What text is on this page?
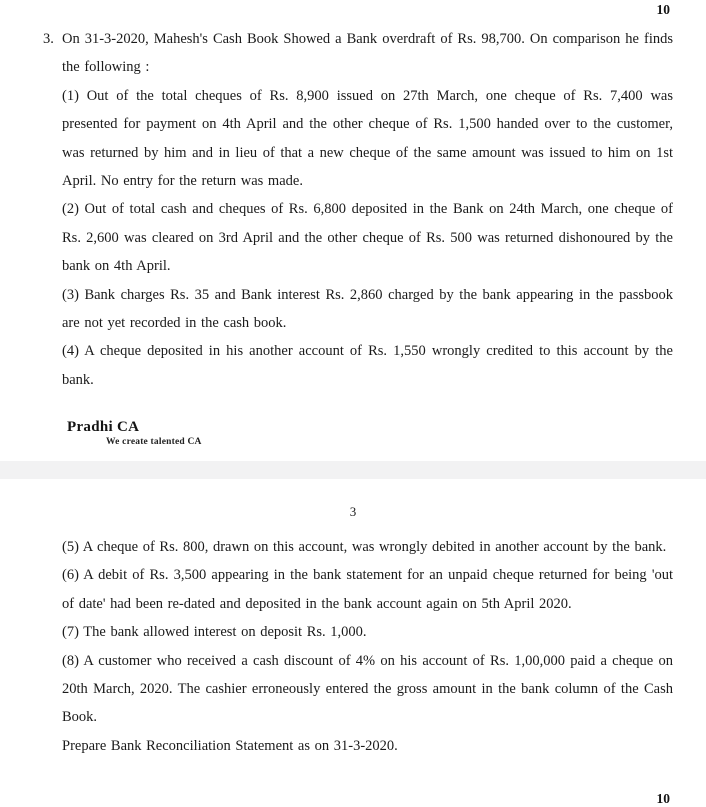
10
3. On 31-3-2020, Mahesh's Cash Book Showed a Bank overdraft of Rs. 98,700. On comparison he finds the following :

(1) Out of the total cheques of Rs. 8,900 issued on 27th March, one cheque of Rs. 7,400 was presented for payment on 4th April and the other cheque of Rs. 1,500 handed over to the customer, was returned by him and in lieu of that a new cheque of the same amount was issued to him on 1st April. No entry for the return was made.

(2) Out of total cash and cheques of Rs. 6,800 deposited in the Bank on 24th March, one cheque of Rs. 2,600 was cleared on 3rd April and the other cheque of Rs. 500 was returned dishonoured by the bank on 4th April.

(3) Bank charges Rs. 35 and Bank interest Rs. 2,860 charged by the bank appearing in the passbook are not yet recorded in the cash book.

(4) A cheque deposited in his another account of Rs. 1,550 wrongly credited to this account by the bank.

Pradhi CA
We create talented CA
3

(5) A cheque of Rs. 800, drawn on this account, was wrongly debited in another account by the bank.

(6) A debit of Rs. 3,500 appearing in the bank statement for an unpaid cheque returned for being 'out of date' had been re-dated and deposited in the bank account again on 5th April 2020.

(7) The bank allowed interest on deposit Rs. 1,000.

(8) A customer who received a cash discount of 4% on his account of Rs. 1,00,000 paid a cheque on 20th March, 2020. The cashier erroneously entered the gross amount in the bank column of the Cash Book.

Prepare Bank Reconciliation Statement as on 31-3-2020.

10
